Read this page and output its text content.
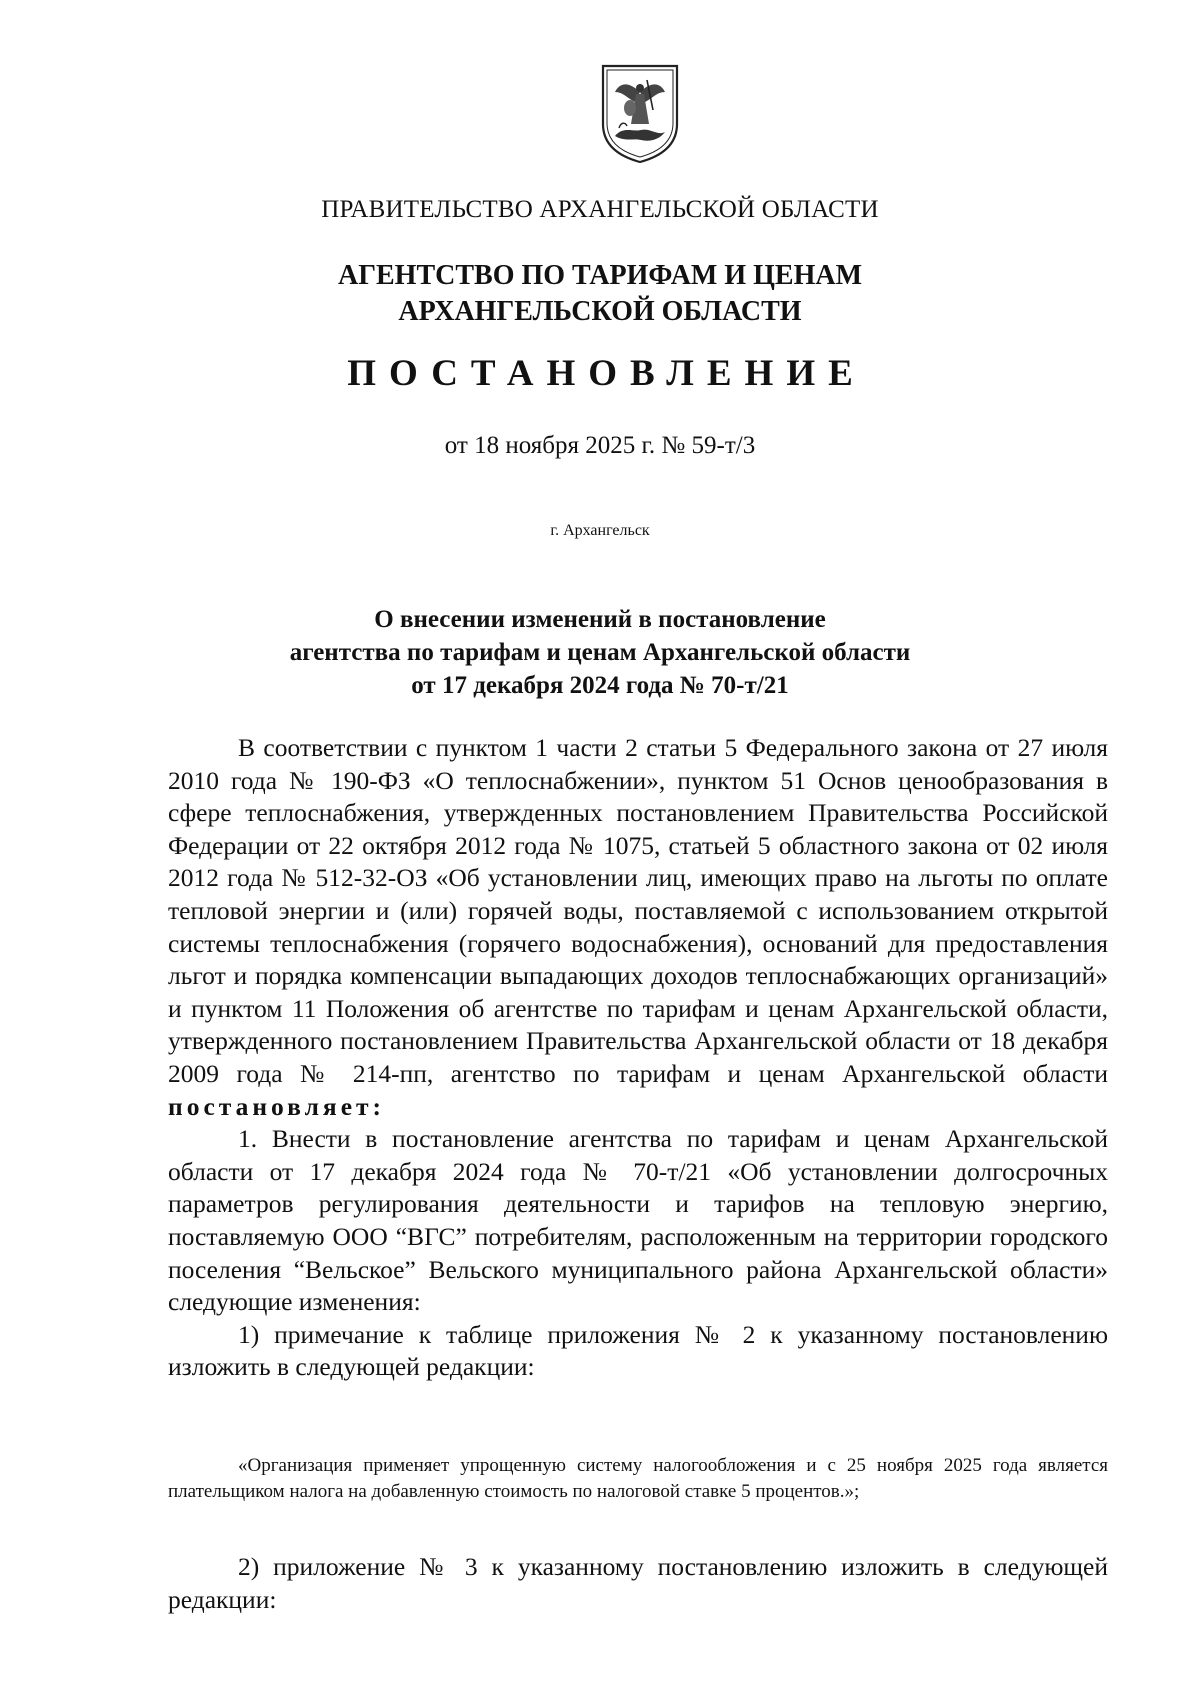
ПРАВИТЕЛЬСТВО АРХАНГЕЛЬСКОЙ ОБЛАСТИ
АГЕНТСТВО ПО ТАРИФАМ И ЦЕНАМ
АРХАНГЕЛЬСКОЙ ОБЛАСТИ
ПОСТАНОВЛЕНИЕ
от 18 ноября 2025 г. № 59-т/3
г. Архангельск
О внесении изменений в постановление
агентства по тарифам и ценам Архангельской области
от 17 декабря 2024 года № 70-т/21

В соответствии с пунктом 1 части 2 статьи 5 Федерального закона от 27 июля 2010 года № 190-ФЗ «О теплоснабжении», пунктом 51 Основ ценообразования в сфере теплоснабжения, утвержденных постановлением Правительства Российской Федерации от 22 октября 2012 года № 1075, статьей 5 областного закона от 02 июля 2012 года № 512-32-ОЗ «Об установлении лиц, имеющих право на льготы по оплате тепловой энергии и (или) горячей воды, поставляемой с использованием открытой системы теплоснабжения (горячего водоснабжения), оснований для предоставления льгот и порядка компенсации выпадающих доходов теплоснабжающих организаций» и пунктом 11 Положения об агентстве по тарифам и ценам Архангельской области, утвержденного постановлением Правительства Архангельской области от 18 декабря 2009 года № 214-пп, агентство по тарифам и ценам Архангельской области постановляет:

1. Внести в постановление агентства по тарифам и ценам Архангельской области от 17 декабря 2024 года № 70-т/21 «Об установлении долгосрочных параметров регулирования деятельности и тарифов на тепловую энергию, поставляемую ООО “ВГС” потребителям, расположенным на территории городского поселения “Вельское” Вельского муниципального района Архангельской области» следующие изменения:

1) примечание к таблице приложения № 2 к указанному постановлению изложить в следующей редакции:

«Организация применяет упрощенную систему налогообложения и с 25 ноября 2025 года является плательщиком налога на добавленную стоимость по налоговой ставке 5 процентов.»;

2) приложение № 3 к указанному постановлению изложить в следующей редакции:
